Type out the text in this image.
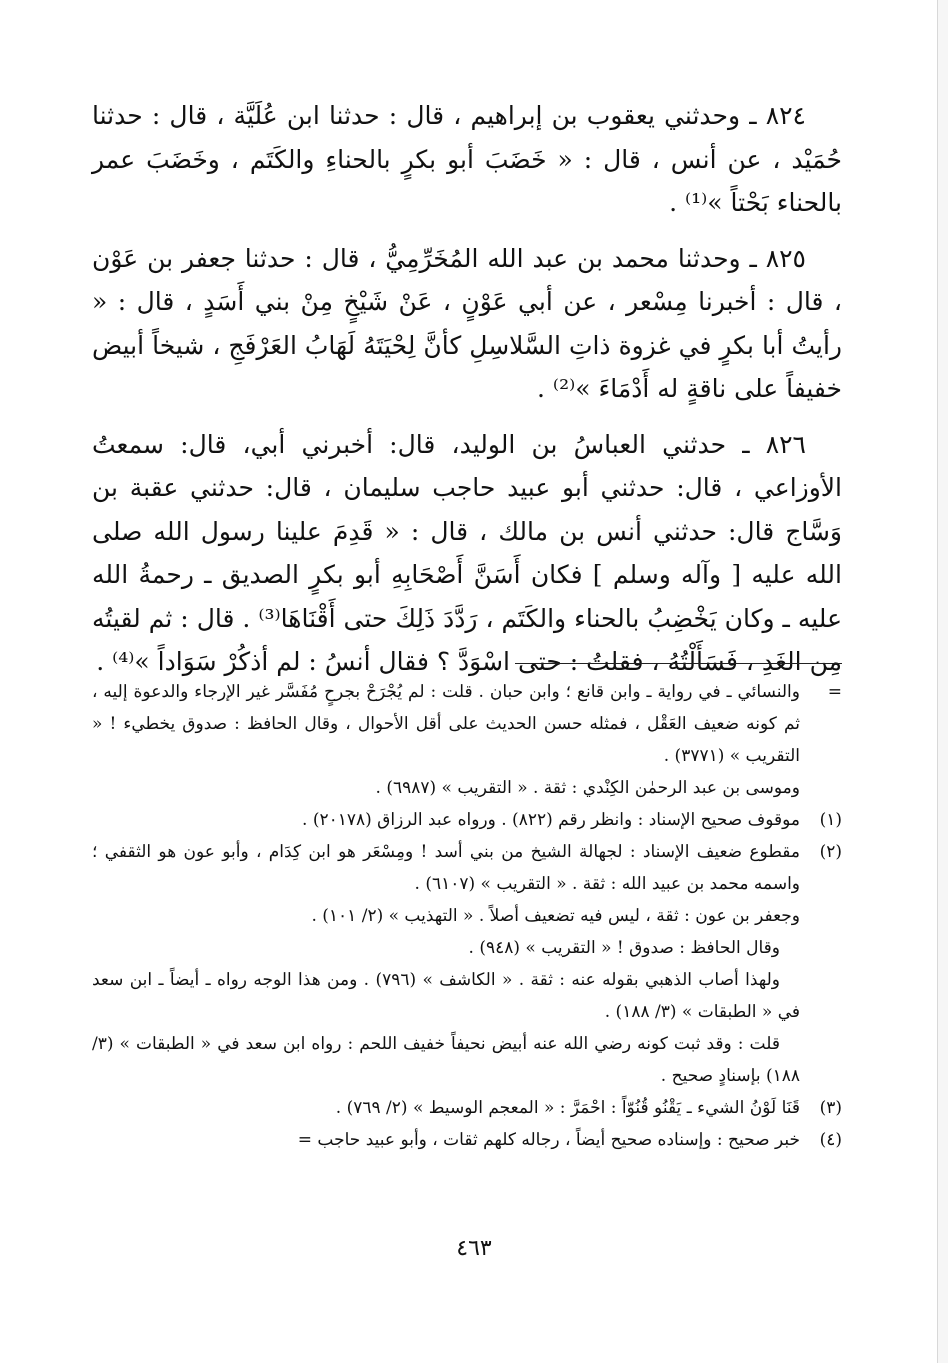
٨٢٤ ـ وحدثني يعقوب بن إبراهيم ، قال : حدثنا ابن عُلَيَّة ، قال : حدثنا حُمَيْد ، عن أنس ، قال : « خَضَبَ أبو بكرٍ بالحناءِ والكَتَم ، وخَضَبَ عمر بالحناء بَحْتاً »⁽¹⁾ .

٨٢٥ ـ وحدثنا محمد بن عبد الله المُخَرِّمِيُّ ، قال : حدثنا جعفر بن عَوْن ، قال : أخبرنا مِسْعر ، عن أبي عَوْنٍ ، عَنْ شَيْخٍ مِنْ بني أَسَدٍ ، قال : « رأيتُ أبا بكرٍ في غزوة ذاتِ السَّلاسِلِ كأنَّ لِحْيَتَهُ لَهَابُ العَرْفَجِ ، شيخاً أبيض خفيفاً على ناقةٍ له أَدْمَاءَ »⁽²⁾ .

٨٢٦ ـ حدثني العباسُ بن الوليد، قال: أخبرني أبي، قال: سمعتُ الأوزاعي ، قال: حدثني أبو عبيد حاجب سليمان ، قال: حدثني عقبة بن وَسَّاج قال: حدثني أنس بن مالك ، قال : « قَدِمَ علينا رسول الله صلى الله عليه [ وآله وسلم ] فكان أَسَنَّ أَصْحَابِهِ أبو بكرٍ الصديق ـ رحمةُ الله عليه ـ وكان يَخْضِبُ بالحناء والكَتَم ، رَدَّدَ ذَلِكَ حتى أَقْنَاهَا⁽³⁾ . قال : ثم لقيتُه مِن الغَدِ ، فَسَأَلْتُهُ ، فقلتُ : حتى اسْوَدَّ ؟ فقال أنسُ : لم أذكُرْ سَوَاداً »⁽⁴⁾ .

=
والنسائي ـ في رواية ـ وابن قانع ؛ وابن حبان . قلت : لم يُجْرَحْ بجرحٍ مُفَسَّر غير الإرجاء والدعوة إليه ، ثم كونه ضعيف العَقْل ، فمثله حسن الحديث على أقل الأحوال ، وقال الحافظ : صدوق يخطيء ! « التقريب » (٣٧٧١) .
وموسى بن عبد الرحمٰن الكِنْدي : ثقة . « التقريب » (٦٩٨٧) .
(١)
موقوف صحيح الإسناد : وانظر رقم (٨٢٢) . ورواه عبد الرزاق (٢٠١٧٨) .
(٢)
مقطوع ضعيف الإسناد : لجهالة الشيخ من بني أسد ! ومِسْعَر هو ابن كِدَام ، وأبو عون هو الثقفي ؛ واسمه محمد بن عبيد الله : ثقة . « التقريب » (٦١٠٧) .
وجعفر بن عون : ثقة ، ليس فيه تضعيف أصلاً . « التهذيب » (٢/ ١٠١) .
وقال الحافظ : صدوق ! « التقريب » (٩٤٨) .
ولهذا أصاب الذهبي بقوله عنه : ثقة . « الكاشف » (٧٩٦) . ومن هذا الوجه رواه ـ أيضاً ـ ابن سعد في « الطبقات » (٣/ ١٨٨) .
قلت : وقد ثبت كونه رضي الله عنه أبيض نحيفاً خفيف اللحم : رواه ابن سعد في « الطبقات » (٣/ ١٨٨) بإسنادٍ صحيح .
(٣)
قَنَا لَوْنُ الشيء ـ يَقْنُو قُنُوّاً : احْمَرَّ : « المعجم الوسيط » (٢/ ٧٦٩) .
(٤)
خبر صحيح : وإسناده صحيح أيضاً ، رجاله كلهم ثقات ، وأبو عبيد حاجب =
٤٦٣
